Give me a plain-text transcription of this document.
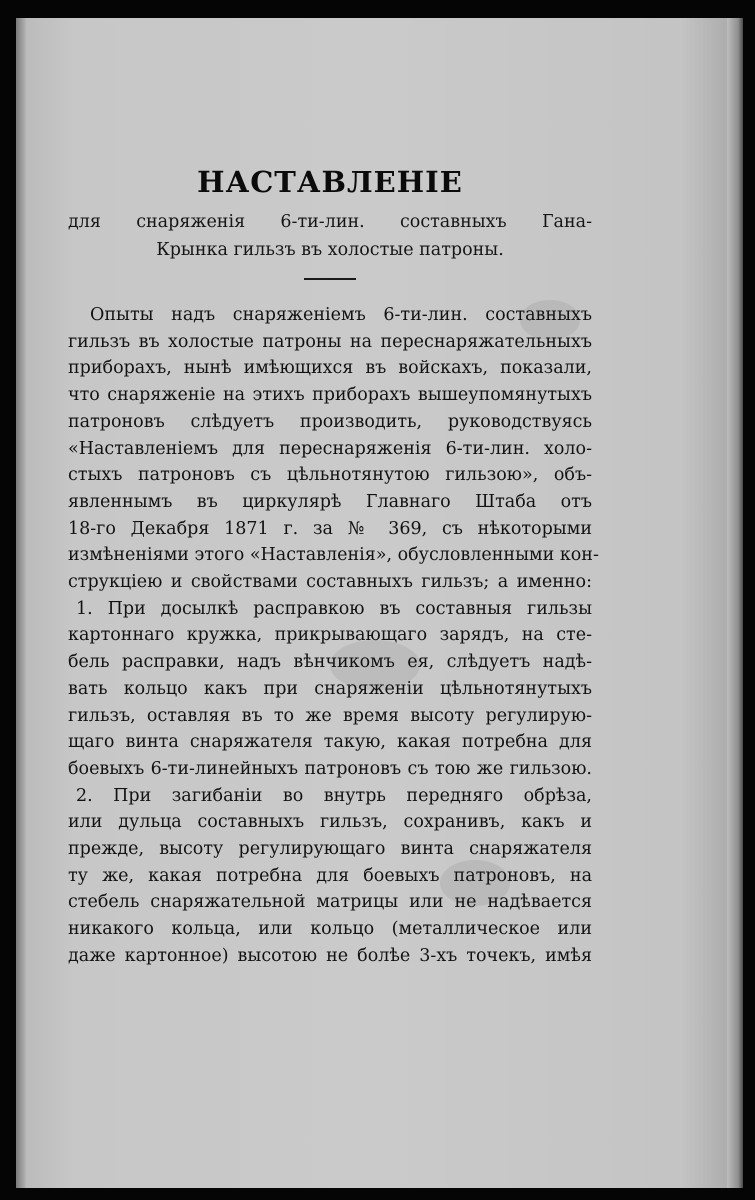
НАСТАВЛЕНІЕ
для снаряженія 6-ти-лин. составныхъ Гана-
Крынка гильзъ въ холостые патроны.
Опыты надъ снаряженіемъ 6-ти-лин. составныхъ
гильзъ въ холостые патроны на переснаряжательныхъ
приборахъ, нынѣ имѣющихся въ войскахъ, показали,
что снаряженіе на этихъ приборахъ вышеупомянутыхъ
патроновъ слѣдуетъ производить, руководствуясь
«Наставленіемъ для переснаряженія 6-ти-лин. холо-
стыхъ патроновъ съ цѣльнотянутою гильзою», объ-
явленнымъ въ циркулярѣ Главнаго Штаба отъ
18-го Декабря 1871 г. за № 369, съ нѣкоторыми
измѣненіями этого «Наставленія», обусловленными кон-
струкціею и свойствами составныхъ гильзъ; а именно:
1. При досылкѣ расправкою въ составныя гильзы
картоннаго кружка, прикрывающаго зарядъ, на сте-
бель расправки, надъ вѣнчикомъ ея, слѣдуетъ надѣ-
вать кольцо какъ при снаряженіи цѣльнотянутыхъ
гильзъ, оставляя въ то же время высоту регулирую-
щаго винта снаряжателя такую, какая потребна для
боевыхъ 6-ти-линейныхъ патроновъ съ тою же гильзою.
2. При загибаніи во внутрь передняго обрѣза,
или дульца составныхъ гильзъ, сохранивъ, какъ и
прежде, высоту регулирующаго винта снаряжателя
ту же, какая потребна для боевыхъ патроновъ, на
стебель снаряжательной матрицы или не надѣвается
никакого кольца, или кольцо (металлическое или
даже картонное) высотою не болѣе 3-хъ точекъ, имѣя
